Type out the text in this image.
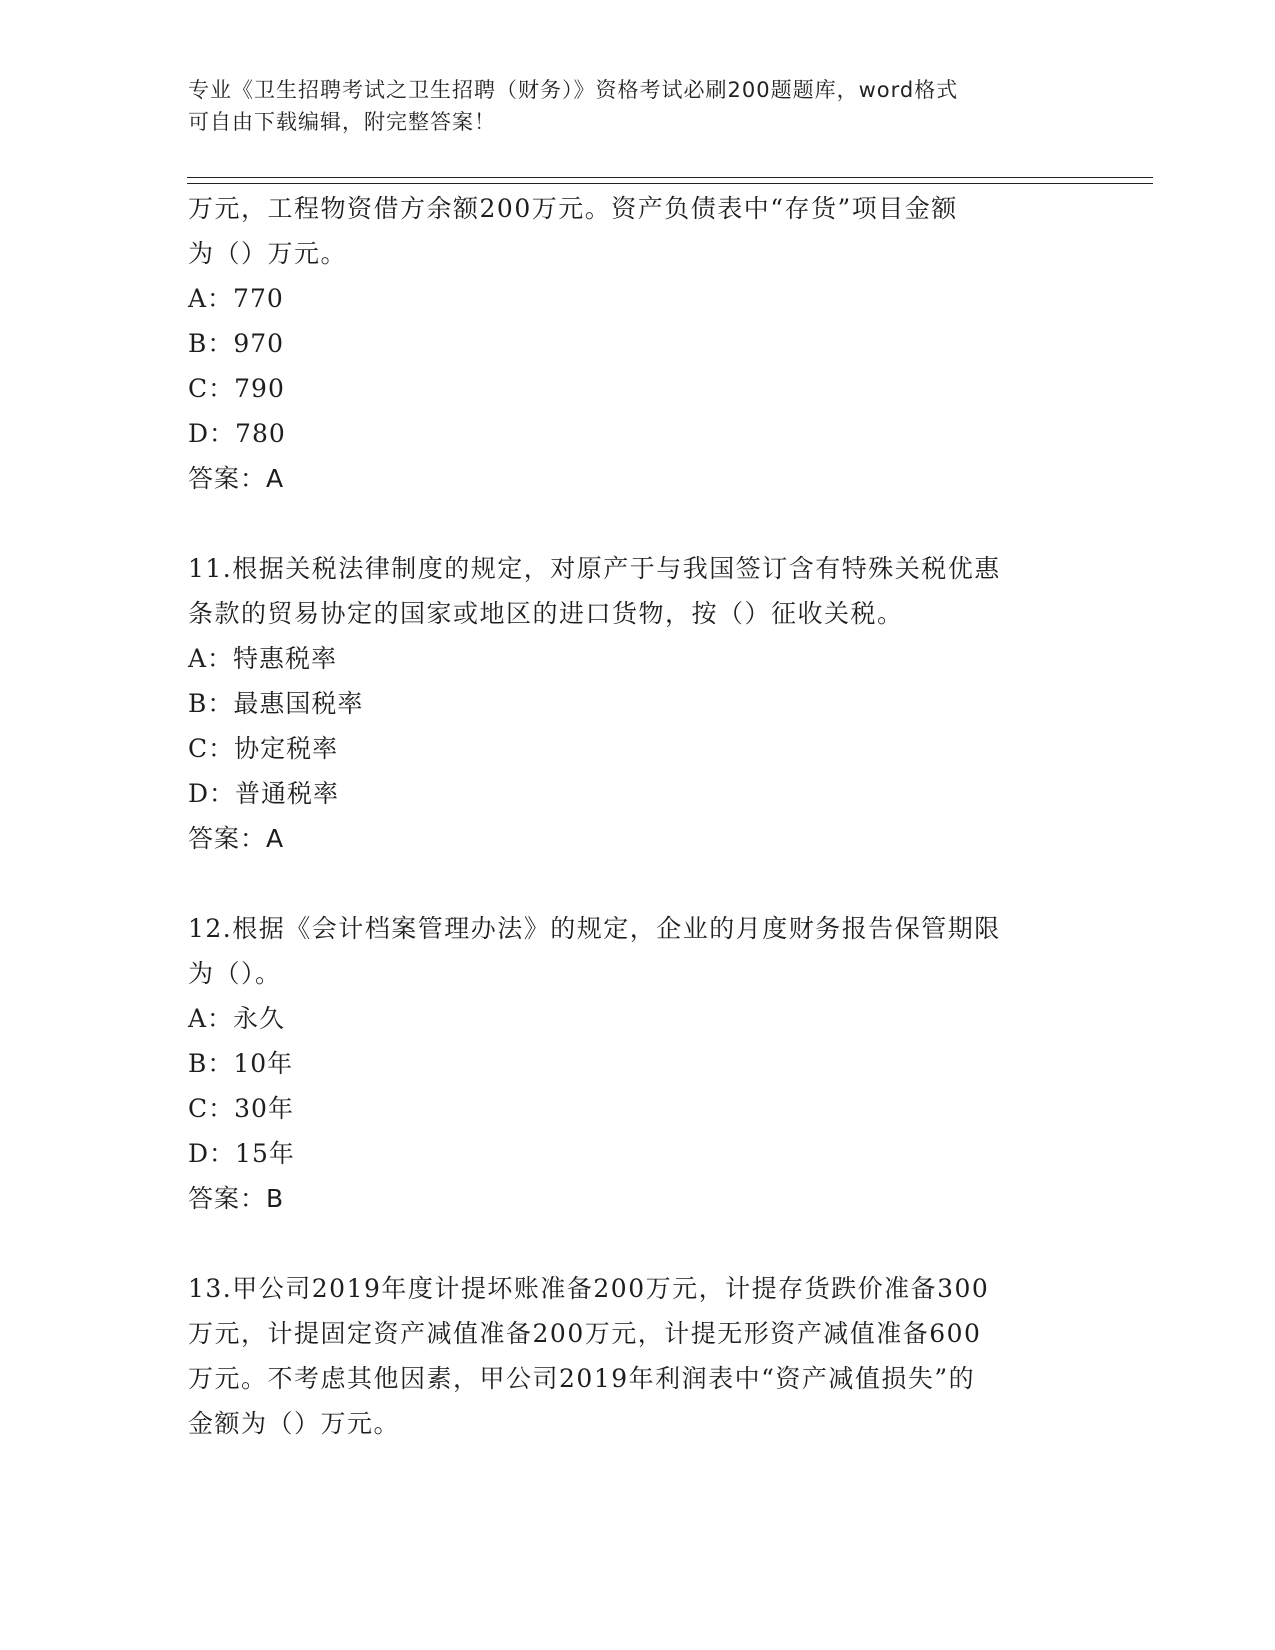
专业《卫生招聘考试之卫生招聘（财务）》资格考试必刷200题题库，word格式
可自由下载编辑，附完整答案！

万元，工程物资借方余额200万元。资产负债表中“存货”项目金额

为（）万元。

A：770

B：970

C：790

D：780

答案：A

11.根据关税法律制度的规定，对原产于与我国签订含有特殊关税优惠

条款的贸易协定的国家或地区的进口货物，按（）征收关税。

A：特惠税率

B：最惠国税率

C：协定税率

D：普通税率

答案：A

12.根据《会计档案管理办法》的规定，企业的月度财务报告保管期限

为（）。

A：永久

B：10年

C：30年

D：15年

答案：B

13.甲公司2019年度计提坏账准备200万元，计提存货跌价准备300

万元，计提固定资产减值准备200万元，计提无形资产减值准备600

万元。不考虑其他因素，甲公司2019年利润表中“资产减值损失”的

金额为（）万元。
